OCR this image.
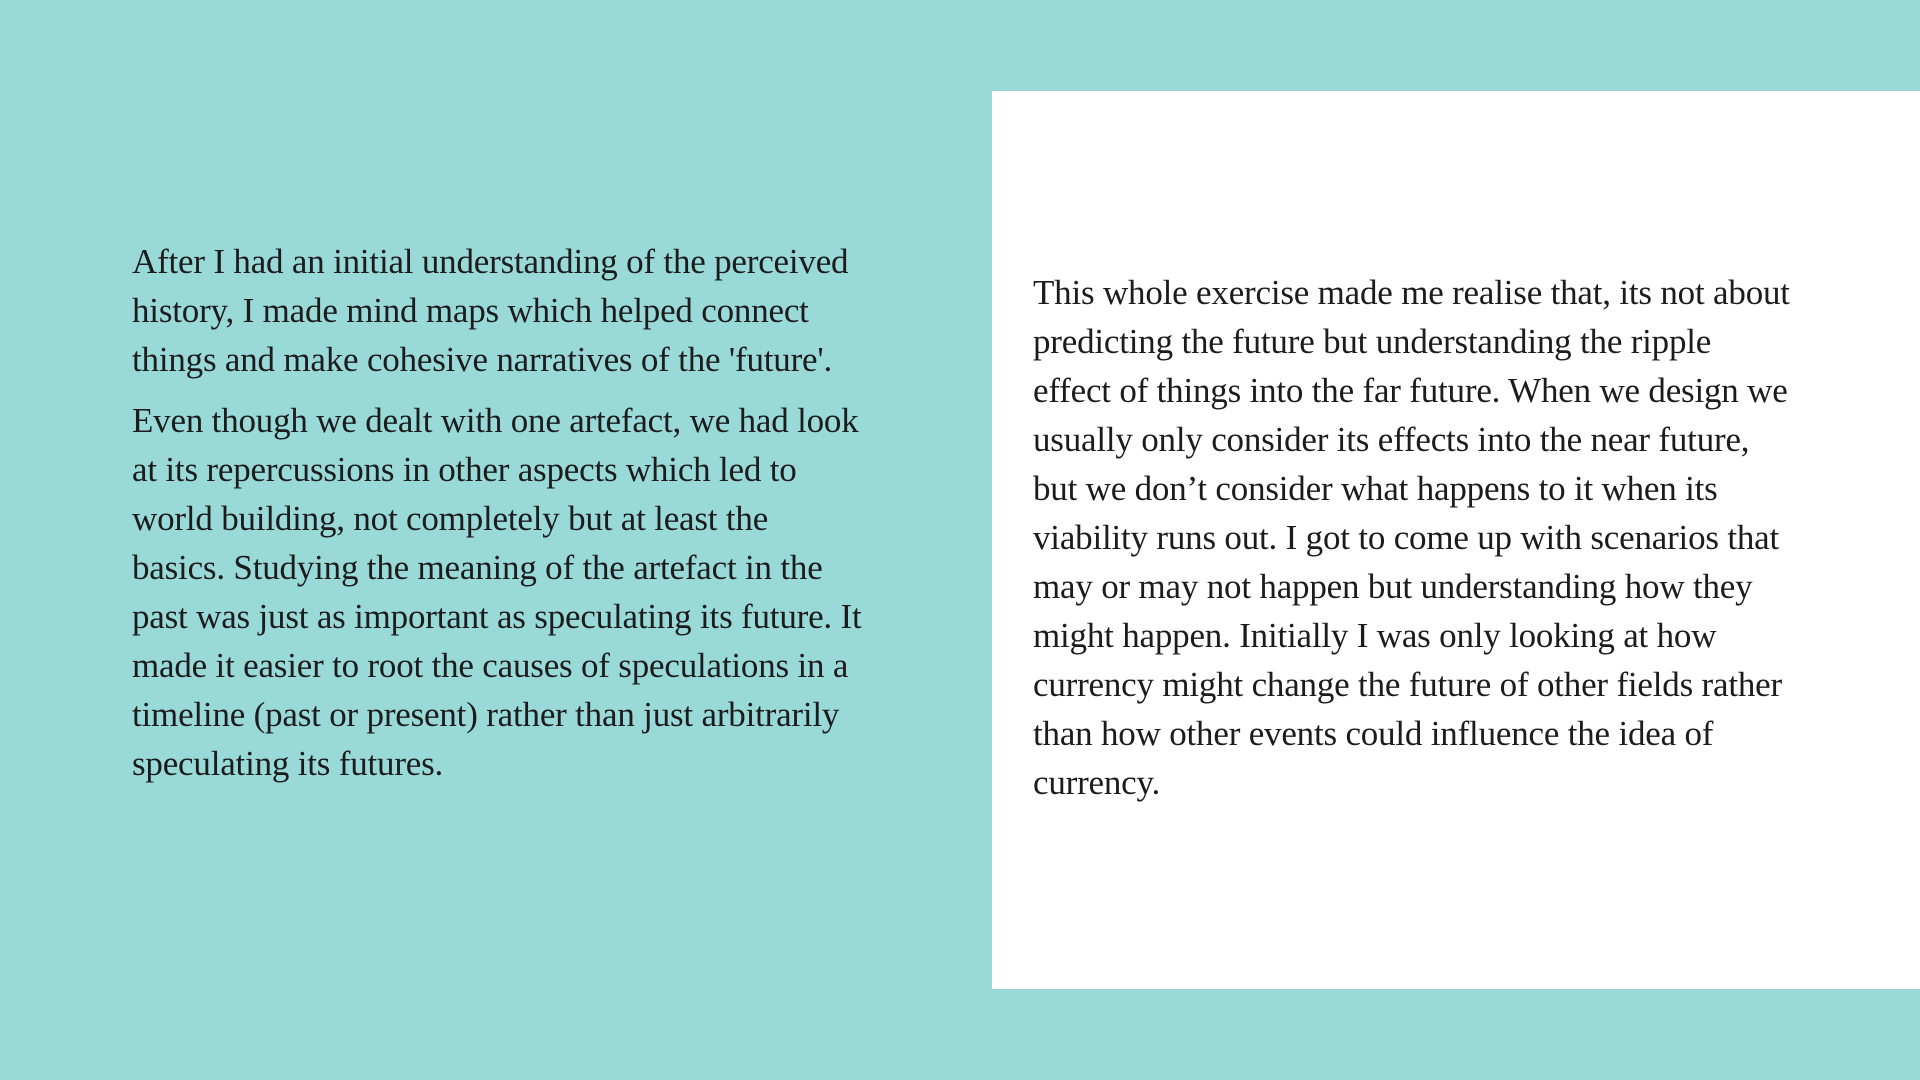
After I had an initial understanding of the perceived history, I made mind maps which helped connect things and make cohesive narratives of the 'future'.

Even though we dealt with one artefact, we had look at its repercussions in other aspects which led to world building, not completely but at least the basics. Studying the meaning of the artefact in the past was just as important as speculating its future. It made it easier to root the causes of speculations in a timeline (past or present) rather than just arbitrarily speculating its futures.

This whole exercise made me realise that, its not about predicting the future but understanding the ripple effect of things into the far future. When we design we usually only consider its effects into the near future, but we don’t consider what happens to it when its viability runs out. I got to come up with scenarios that may or may not happen but understanding how they might happen. Initially I was only looking at how currency might change the future of other fields rather than how other events could influence the idea of currency.
